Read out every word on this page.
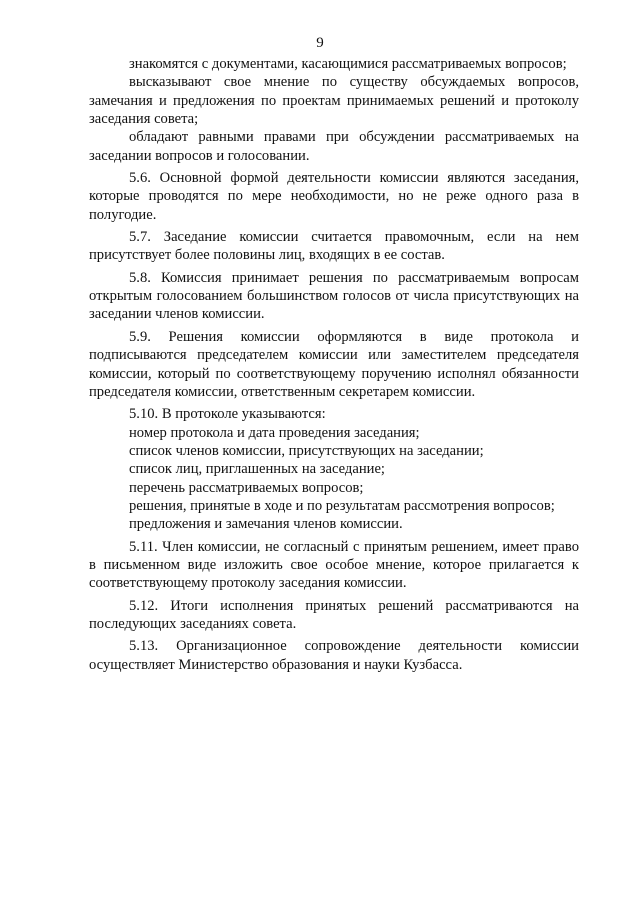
9

знакомятся с документами, касающимися рассматриваемых вопросов;

высказывают свое мнение по существу обсуждаемых вопросов, замечания и предложения по проектам принимаемых решений и протоколу заседания совета;

обладают равными правами при обсуждении рассматриваемых на заседании вопросов и голосовании.

5.6. Основной формой деятельности комиссии являются заседания, которые проводятся по мере необходимости, но не реже одного раза в полугодие.

5.7. Заседание комиссии считается правомочным, если на нем присутствует более половины лиц, входящих в ее состав.

5.8. Комиссия принимает решения по рассматриваемым вопросам открытым голосованием большинством голосов от числа присутствующих на заседании членов комиссии.

5.9. Решения комиссии оформляются в виде протокола и подписываются председателем комиссии или заместителем председателя комиссии, который по соответствующему поручению исполнял обязанности председателя комиссии, ответственным секретарем комиссии.

5.10. В протоколе указываются:

номер протокола и дата проведения заседания;

список членов комиссии, присутствующих на заседании;

список лиц, приглашенных на заседание;

перечень рассматриваемых вопросов;

решения, принятые в ходе и по результатам рассмотрения вопросов;

предложения и замечания членов комиссии.

5.11. Член комиссии, не согласный с принятым решением, имеет право в письменном виде изложить свое особое мнение, которое прилагается к соответствующему протоколу заседания комиссии.

5.12. Итоги исполнения принятых решений рассматриваются на последующих заседаниях совета.

5.13. Организационное сопровождение деятельности комиссии осуществляет Министерство образования и науки Кузбасса.
